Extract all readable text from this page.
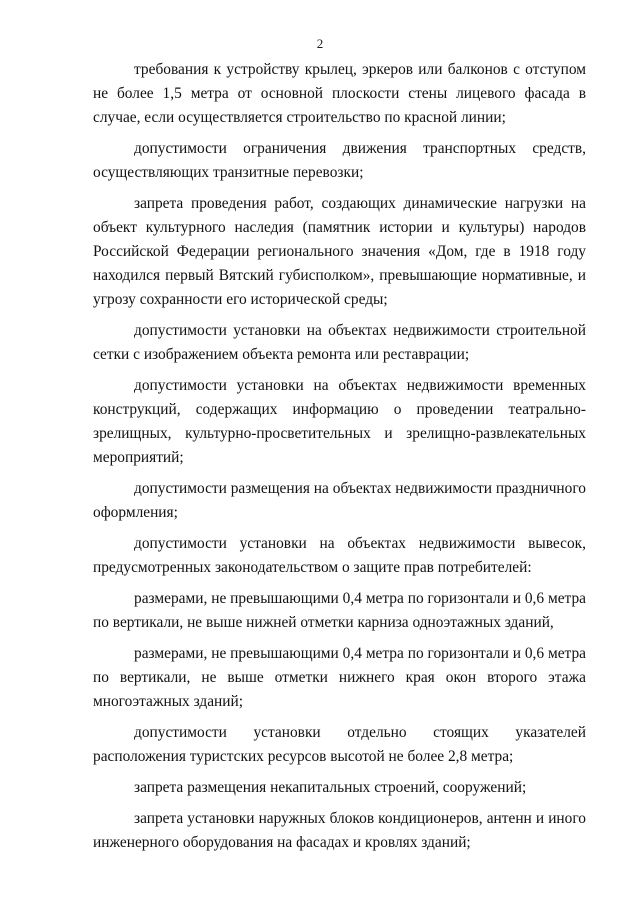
2

требования к устройству крылец, эркеров или балконов с отступом не более 1,5 метра от основной плоскости стены лицевого фасада в случае, если осуществляется строительство по красной линии;

допустимости ограничения движения транспортных средств, осуществляющих транзитные перевозки;

запрета проведения работ, создающих динамические нагрузки на объект культурного наследия (памятник истории и культуры) народов Российской Федерации регионального значения «Дом, где в 1918 году находился первый Вятский губисполком», превышающие нормативные, и угрозу сохранности его исторической среды;

допустимости установки на объектах недвижимости строительной сетки с изображением объекта ремонта или реставрации;

допустимости установки на объектах недвижимости временных конструкций, содержащих информацию о проведении театрально-зрелищных, культурно-просветительных и зрелищно-развлекательных мероприятий;

допустимости размещения на объектах недвижимости праздничного оформления;

допустимости установки на объектах недвижимости вывесок, предусмотренных законодательством о защите прав потребителей:

размерами, не превышающими 0,4 метра по горизонтали и 0,6 метра по вертикали, не выше нижней отметки карниза одноэтажных зданий,

размерами, не превышающими 0,4 метра по горизонтали и 0,6 метра по вертикали, не выше отметки нижнего края окон второго этажа многоэтажных зданий;

допустимости установки отдельно стоящих указателей расположения туристских ресурсов высотой не более 2,8 метра;

запрета размещения некапитальных строений, сооружений;

запрета установки наружных блоков кондиционеров, антенн и иного инженерного оборудования на фасадах и кровлях зданий;
